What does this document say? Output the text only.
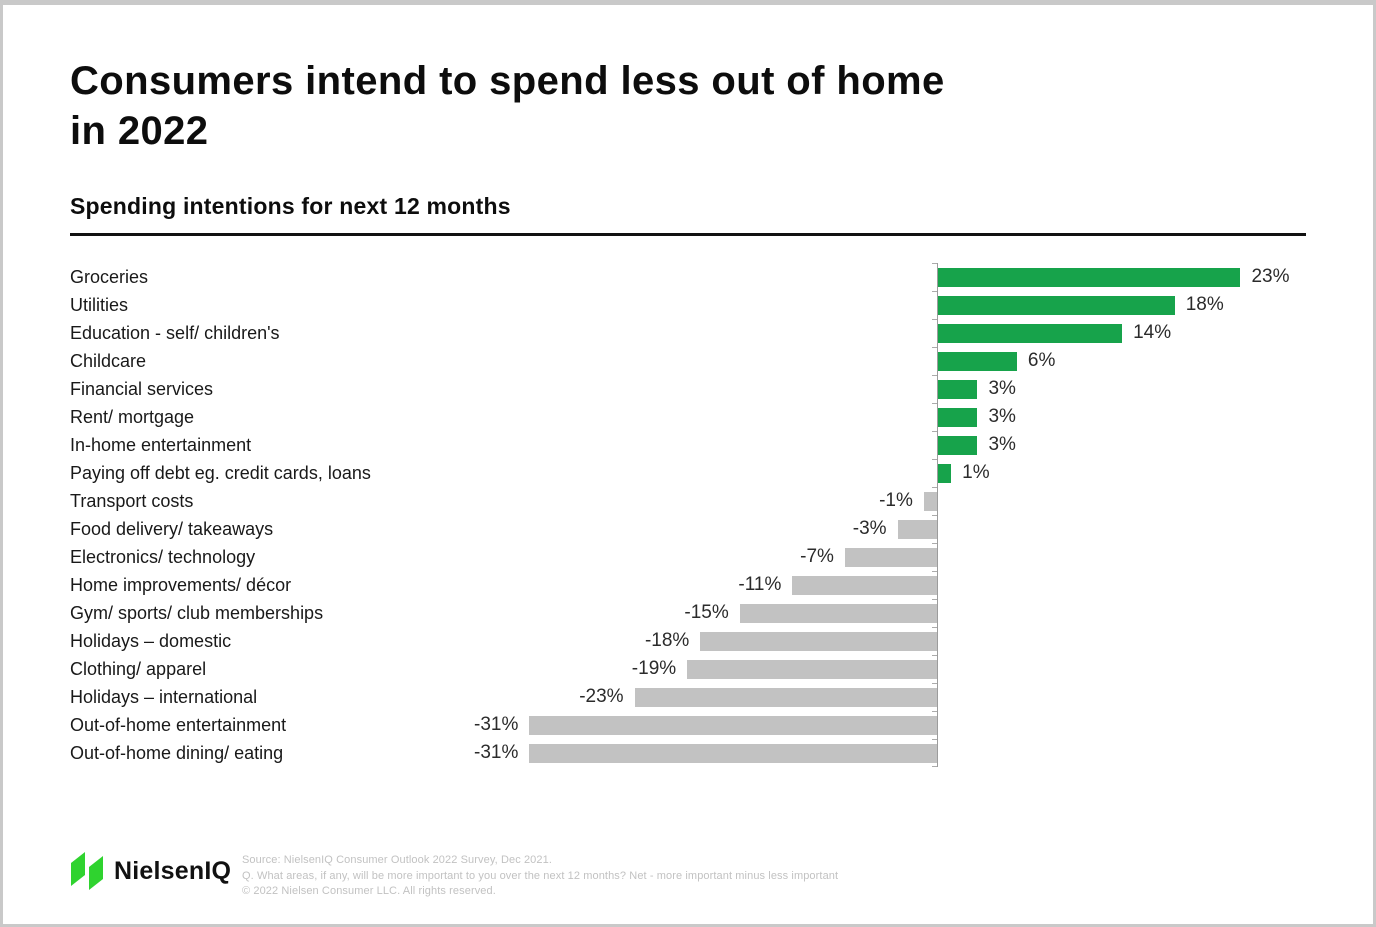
Consumers intend to spend less out of home
in 2022
Spending intentions for next 12 months
Groceries	23%
Utilities	18%
Education - self/ children's	14%
Childcare	6%
Financial services	3%
Rent/ mortgage	3%
In-home entertainment	3%
Paying off debt eg. credit cards, loans	1%
Transport costs	-1%
Food delivery/ takeaways	-3%
Electronics/ technology	-7%
Home improvements/ décor	-11%
Gym/ sports/ club memberships	-15%
Holidays – domestic	-18%
Clothing/ apparel	-19%
Holidays – international	-23%
Out-of-home entertainment	-31%
Out-of-home dining/ eating	-31%
NielsenIQ Source: NielsenIQ Consumer Outlook 2022 Survey, Dec 2021.
Q. What areas, if any, will be more important to you over the next 12 months? Net - more important minus less important
© 2022 Nielsen Consumer LLC. All rights reserved.
